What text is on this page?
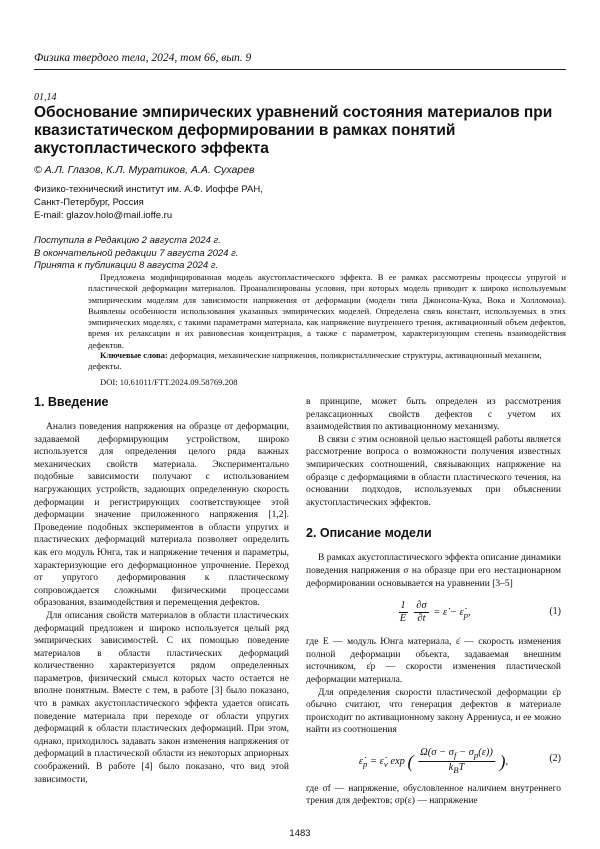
Физика твердого тела, 2024, том 66, вып. 9
01,14
Обоснование эмпирических уравнений состояния материалов при квазистатическом деформировании в рамках понятий акустопластического эффекта
© А.Л. Глазов, К.Л. Муратиков, А.А. Сухарев
Физико-технический институт им. А.Ф. Иоффе РАН,
Санкт-Петербург, Россия
E-mail: glazov.holo@mail.ioffe.ru
Поступила в Редакцию 2 августа 2024 г.
В окончательной редакции 7 августа 2024 г.
Принята к публикации 8 августа 2024 г.
Предложена модифицированная модель акустопластического эффекта. В ее рамках рассмотрены процессы упругой и пластической деформации материалов. Проанализированы условия, при которых модель приводит к широко используемым эмпирическим моделям для зависимости напряжения от деформации (модели типа Джонсона-Кука, Вока и Холломона). Выявлены особенности использования указанных эмпирических моделей. Определена связь констант, используемых в этих эмпирических моделях, с такими параметрами материала, как напряжение внутреннего трения, активационный объем дефектов, время их релаксации и их равновесная концентрация, а также с параметром, характеризующим степень взаимодействия дефектов.
Ключевые слова: деформация, механические напряжения, поликристаллические структуры, активационный механизм, дефекты.
DOI: 10.61011/FTT.2024.09.58769.208
1. Введение

Анализ поведения напряжения на образце от деформации, задаваемой деформирующим устройством, широко используется для определения целого ряда важных механических свойств материала. Экспериментально подобные зависимости получают с использованием нагружающих устройств, задающих определенную скорость деформации и регистрирующих соответствующее этой деформации значение приложенного напряжения [1,2]. Проведение подобных экспериментов в области упругих и пластических деформаций материала позволяет определить как его модуль Юнга, так и напряжение течения и параметры, характеризующие его деформационное упрочнение. Переход от упругого деформирования к пластическому сопровождается сложными физическими процессами образования, взаимодействия и перемещения дефектов.

Для описания свойств материалов в области пластических деформаций предложен и широко используется целый ряд эмпирических зависимостей. С их помощью поведение материалов в области пластических деформаций количественно характеризуется рядом определенных параметров, физический смысл которых часто остается не вполне понятным. Вместе с тем, в работе [3] было показано, что в рамках акустопластического эффекта удается описать поведение материала при переходе от области упругих деформаций к области пластических деформаций. При этом, однако, приходилось задавать закон изменения напряжения от деформаций в пластической области из некоторых априорных соображений. В работе [4] было показано, что вид этой зависимости,

в принципе, может быть определен из рассмотрения релаксационных свойств дефектов с учетом их взаимодействия по активационному механизму.

В связи с этим основной целью настоящей работы является рассмотрение вопроса о возможности получения известных эмпирических соотношений, связывающих напряжение на образце с деформациями в области пластического течения, на основании подходов, используемых при объяснении акустопластических эффектов.

2. Описание модели

В рамках акустопластического эффекта описание динамики поведения напряжения σ на образце при его нестационарном деформировании основывается на уравнении [3–5]

$\frac{1}{E}$
$\frac{\partial\sigma}{\partial t}$ = ε̇ − $\varepsiloṅ_p$,	(1)

где E — модуль Юнга материала, ε̇ — скорость изменения полной деформации объекта, задаваемая внешним источником, ε̇p — скорости изменения пластической деформации материала.

Для определения скорости пластической деформации ε̇p обычно считают, что генерация дефектов в материале происходит по активационному закону Аррениуса, и ее можно найти из соотношения

$\varepsiloṅ_p$ = $\varepsiloṅ_v$ exp ( $\frac{\Omega(\sigma - \sigma_f - \sigma_p(\varepsilon))}{k_BT}$ ),	(2)

где σf — напряжение, обусловленное наличием внутреннего трения для дефектов; σp(ε) — напряжение

1483
